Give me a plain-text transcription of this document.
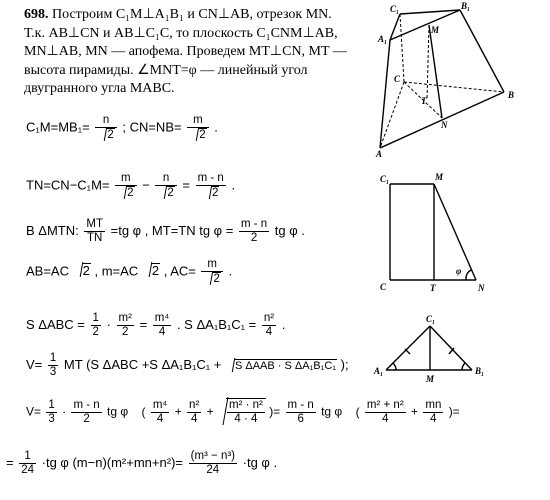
698. Построим C₁M⊥A₁B₁ и CN⊥AB, отрезок MN.
Т.к. AB⊥CN и AB⊥C₁C, то плоскость C₁CNM⊥AB,
MN⊥AB, MN — апофема. Проведем MT⊥CN, MT —
высота пирамиды. ∠MNT=φ — линейный угол
двугранного угла MABC.
$C_1M=MB_1= \frac{n}{2}$ ; $CN=NB= \frac{m}{2}$ .
$TN=CN-C_1M= \frac{m}{2} - \frac{n}{2} = \frac{m - n}{2}$ .
В ΔMTN: $\frac{MT}{TN} =tg$ φ , MT=TN tg $\varphi = \frac{m - n}{2}$ tg φ .
AB=AC 2 , m=AC 2 , $AC= \frac{m}{2}$ .
S $\Delta ABC = \frac{1}{2} \cdot \frac{\text{m²}}{2} = \frac{\text{m⁴}}{4}$ . S $\Delta A_1B_1C_1 = \frac{\text{n²}}{4}$ .
$V= \frac{1}{3}$ MT (S ΔABC +S ΔA₁B₁C₁ + S ΔAAB · S ΔA₁B₁C₁ );
$V= \frac{1}{3} \cdot \frac{m - n}{2}$ tg φ ( $\frac{\text{m⁴}}{4} + \frac{\text{n²}}{4} + \frac{\text{m² · n²}}{4 \cdot 4}$ )= $\frac{m - n}{6}$ tg φ ( $\frac{\text{m² + n²}}{4} + \frac{mn}{4}$ )=
= $\frac{1}{24} \cdot tg$ φ $(m-n)(m^2+mn+n^2)= \frac{\text{(m³ − n³)}}{24} \cdot tg$ φ .
C₁	B₁
A₁
M
C
T
N
B
A
C₁	M
C	T	N
φ
C₁
A₁
M
B₁
